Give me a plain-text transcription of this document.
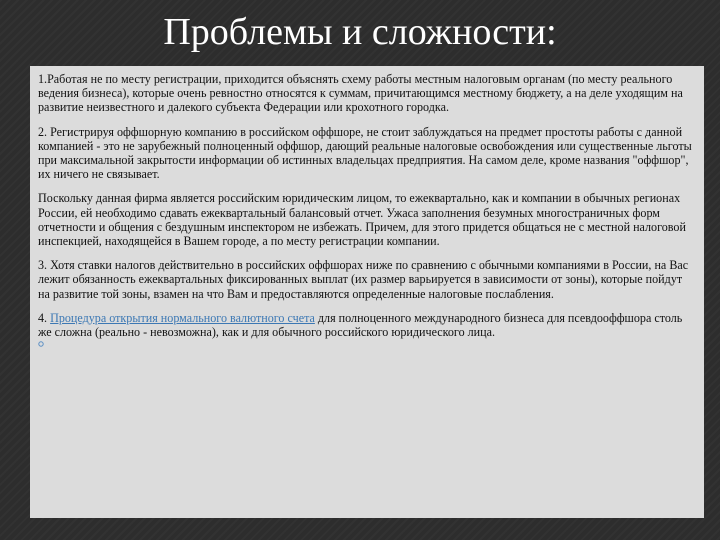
Проблемы и сложности:

1.Работая не по месту регистрации, приходится объяснять схему работы местным налоговым органам (по месту реального ведения бизнеса), которые очень ревностно относятся к суммам, причитающимся местному бюджету, а на деле уходящим на развитие неизвестного и далекого субъекта Федерации или крохотного городка.

2. Регистрируя оффшорную компанию в российском оффшоре, не стоит заблуждаться на предмет простоты работы с данной компанией - это не зарубежный полноценный оффшор, дающий реальные налоговые освобождения или существенные льготы при максимальной закрытости информации об истинных владельцах предприятия. На самом деле, кроме названия "оффшор", их ничего не связывает.

Поскольку данная фирма является российским юридическим лицом, то ежеквартально, как и компании в обычных регионах России, ей необходимо сдавать ежеквартальный балансовый отчет. Ужаса заполнения безумных многостраничных форм отчетности и общения с бездушным инспектором не избежать. Причем, для этого придется общаться не с местной налоговой инспекцией, находящейся в Вашем городе, а по месту регистрации компании.

3. Хотя ставки налогов действительно в российских оффшорах ниже по сравнению с обычными компаниями в России, на Вас лежит обязанность ежеквартальных фиксированных выплат (их размер варьируется в зависимости от зоны), которые пойдут на развитие той зоны, взамен на что Вам и предоставляются определенные налоговые послабления.

4. Процедура открытия нормального валютного счета для полноценного международного бизнеса для псевдооффшора столь же сложна (реально - невозможна), как и для обычного российского юридического лица.
